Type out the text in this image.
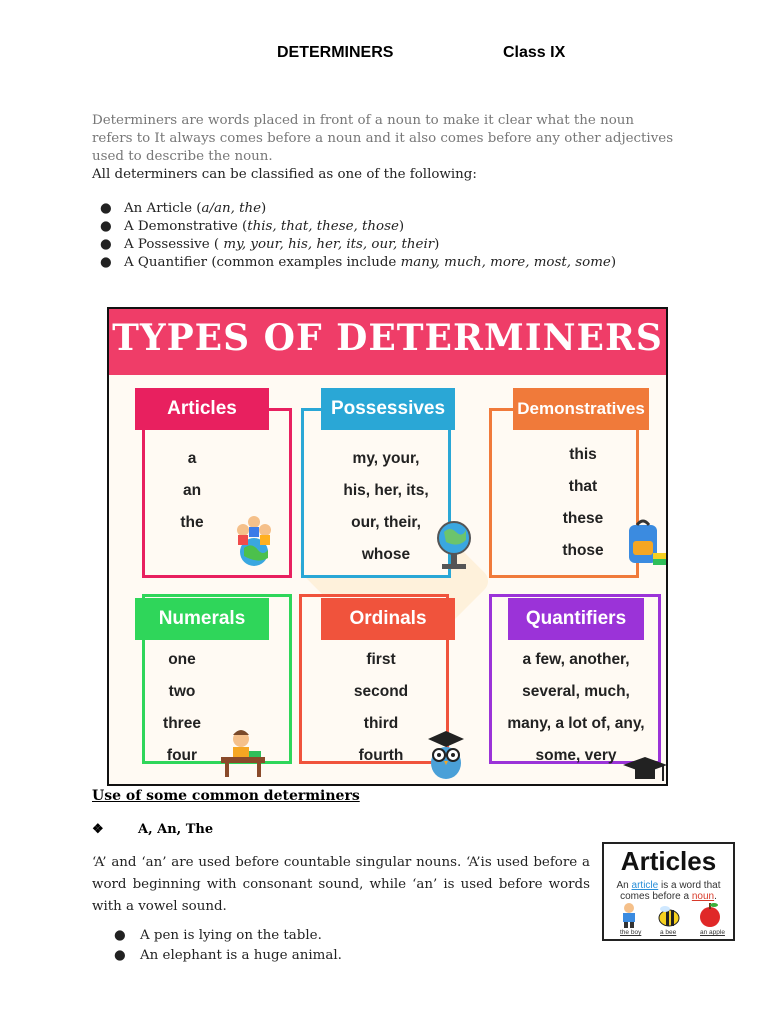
DETERMINERS	Class IX
Determiners are words placed in front of a noun to make it clear what the noun
refers to It always comes before a noun and it also comes before any other adjectives
used to describe the noun.
All determiners can be classified as one of the following:
● An Article (a/an, the)
● A Demonstrative (this, that, these, those)
● A Possessive ( my, your, his, her, its, our, their)
● A Quantifier (common examples include many, much, more, most, some)
TYPES OF DETERMINERS
Articles
a
an
the
Possessives
my, your,
his, her, its,
our, their,
whose
Demonstratives
this
that
these
those
Numerals
one
two
three
four
Ordinals
first
second
third
fourth
Quantifiers
a few, another,
several, much,
many, a lot of, any,
some, very
Use of some common determiners
❖	A, An, The
‘A’ and ‘an’ are used before countable singular nouns. ‘A’is used before a word beginning with consonant sound, while ‘an’ is used before words with a vowel sound.
● A pen is lying on the table.
● An elephant is a huge animal.
Articles
An article is a word that
comes before a noun.
the boy	a bee	an apple
